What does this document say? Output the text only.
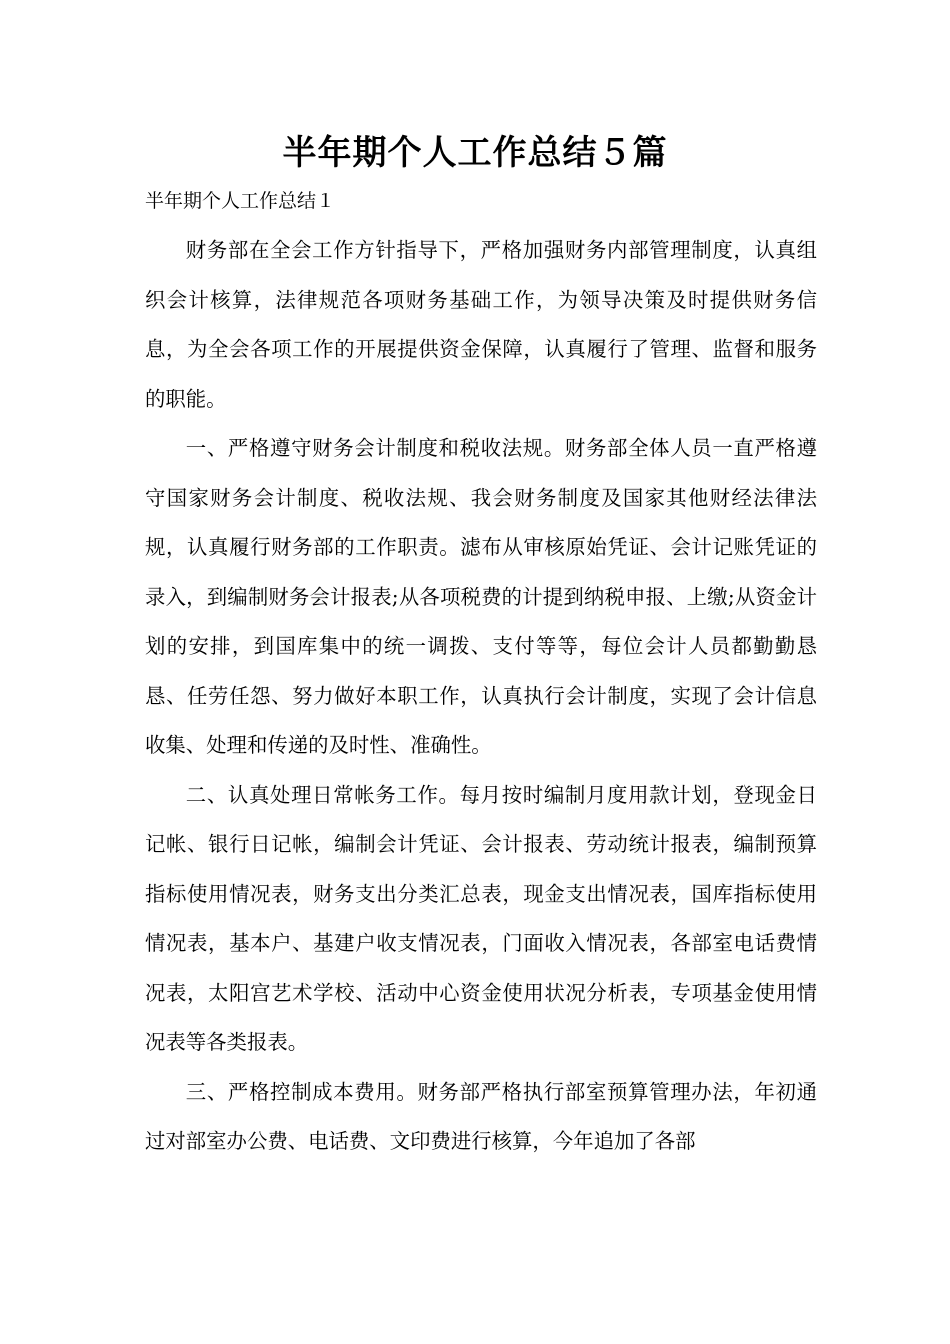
半年期个人工作总结５篇
半年期个人工作总结１

财务部在全会工作方针指导下，严格加强财务内部管理制度，认真组织会计核算，法律规范各项财务基础工作，为领导决策及时提供财务信息，为全会各项工作的开展提供资金保障，认真履行了管理、监督和服务的职能。

一、严格遵守财务会计制度和税收法规。财务部全体人员一直严格遵守国家财务会计制度、税收法规、我会财务制度及国家其他财经法律法规，认真履行财务部的工作职责。滤布从审核原始凭证、会计记账凭证的录入，到编制财务会计报表;从各项税费的计提到纳税申报、上缴;从资金计划的安排，到国库集中的统一调拨、支付等等，每位会计人员都勤勤恳恳、任劳任怨、努力做好本职工作，认真执行会计制度，实现了会计信息收集、处理和传递的及时性、准确性。

二、认真处理日常帐务工作。每月按时编制月度用款计划，登现金日记帐、银行日记帐，编制会计凭证、会计报表、劳动统计报表，编制预算指标使用情况表，财务支出分类汇总表，现金支出情况表，国库指标使用情况表，基本户、基建户收支情况表，门面收入情况表，各部室电话费情况表，太阳宫艺术学校、活动中心资金使用状况分析表，专项基金使用情况表等各类报表。

三、严格控制成本费用。财务部严格执行部室预算管理办法，年初通过对部室办公费、电话费、文印费进行核算，今年追加了各部
